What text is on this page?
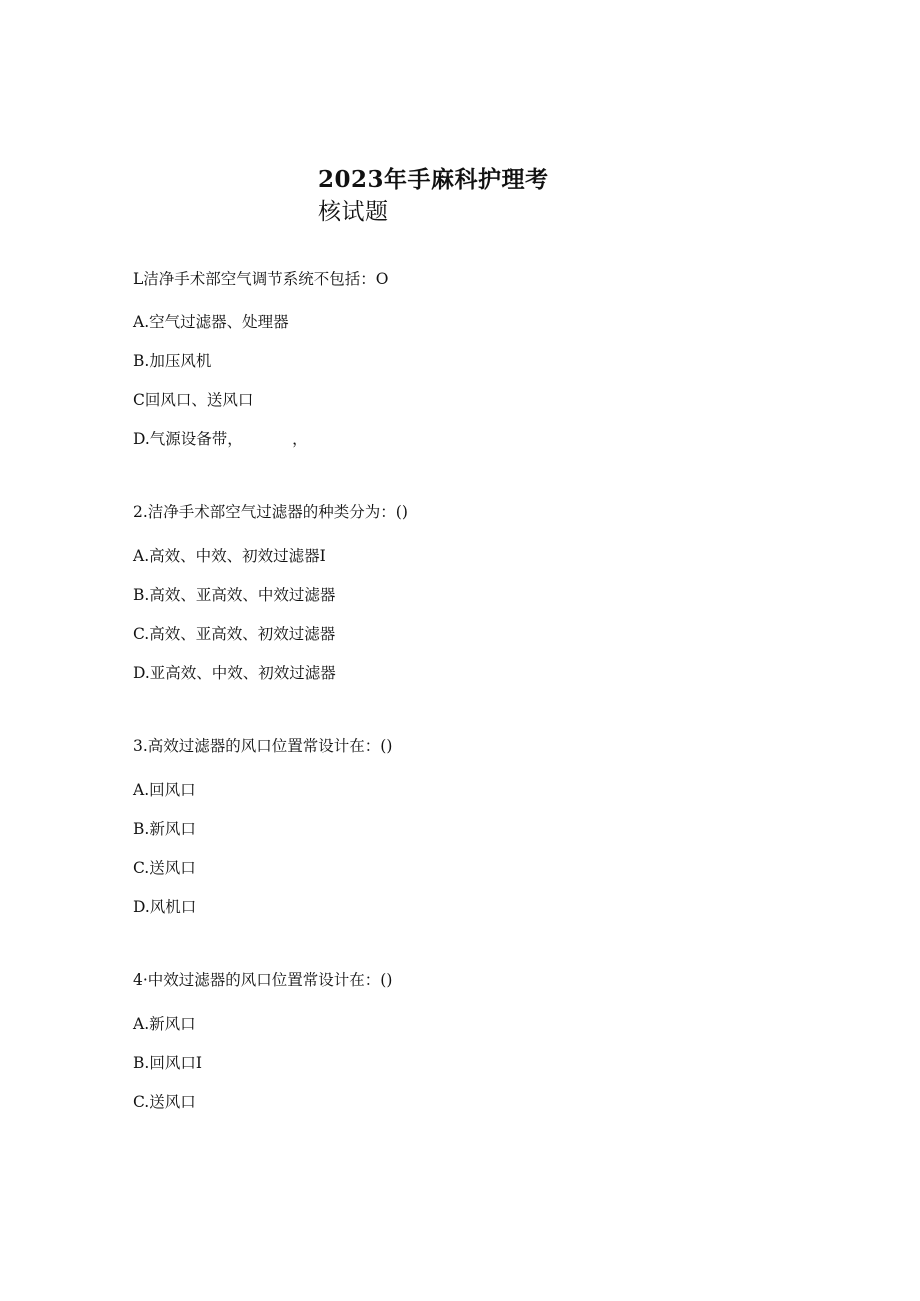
2023年手麻科护理考
核试题
L洁净手术部空气调节系统不包括：O
A.空气过滤器、处理器
B.加压风机
C回风口、送风口
D.气源设备带，          ，
2.洁净手术部空气过滤器的种类分为：()
A.高效、中效、初效过滤器I
B.高效、亚高效、中效过滤器
C.高效、亚高效、初效过滤器
D.亚高效、中效、初效过滤器
3.高效过滤器的风口位置常设计在：()
A.回风口
B.新风口
C.送风口
D.风机口
4·中效过滤器的风口位置常设计在：()
A.新风口
B.回风口I
C.送风口
